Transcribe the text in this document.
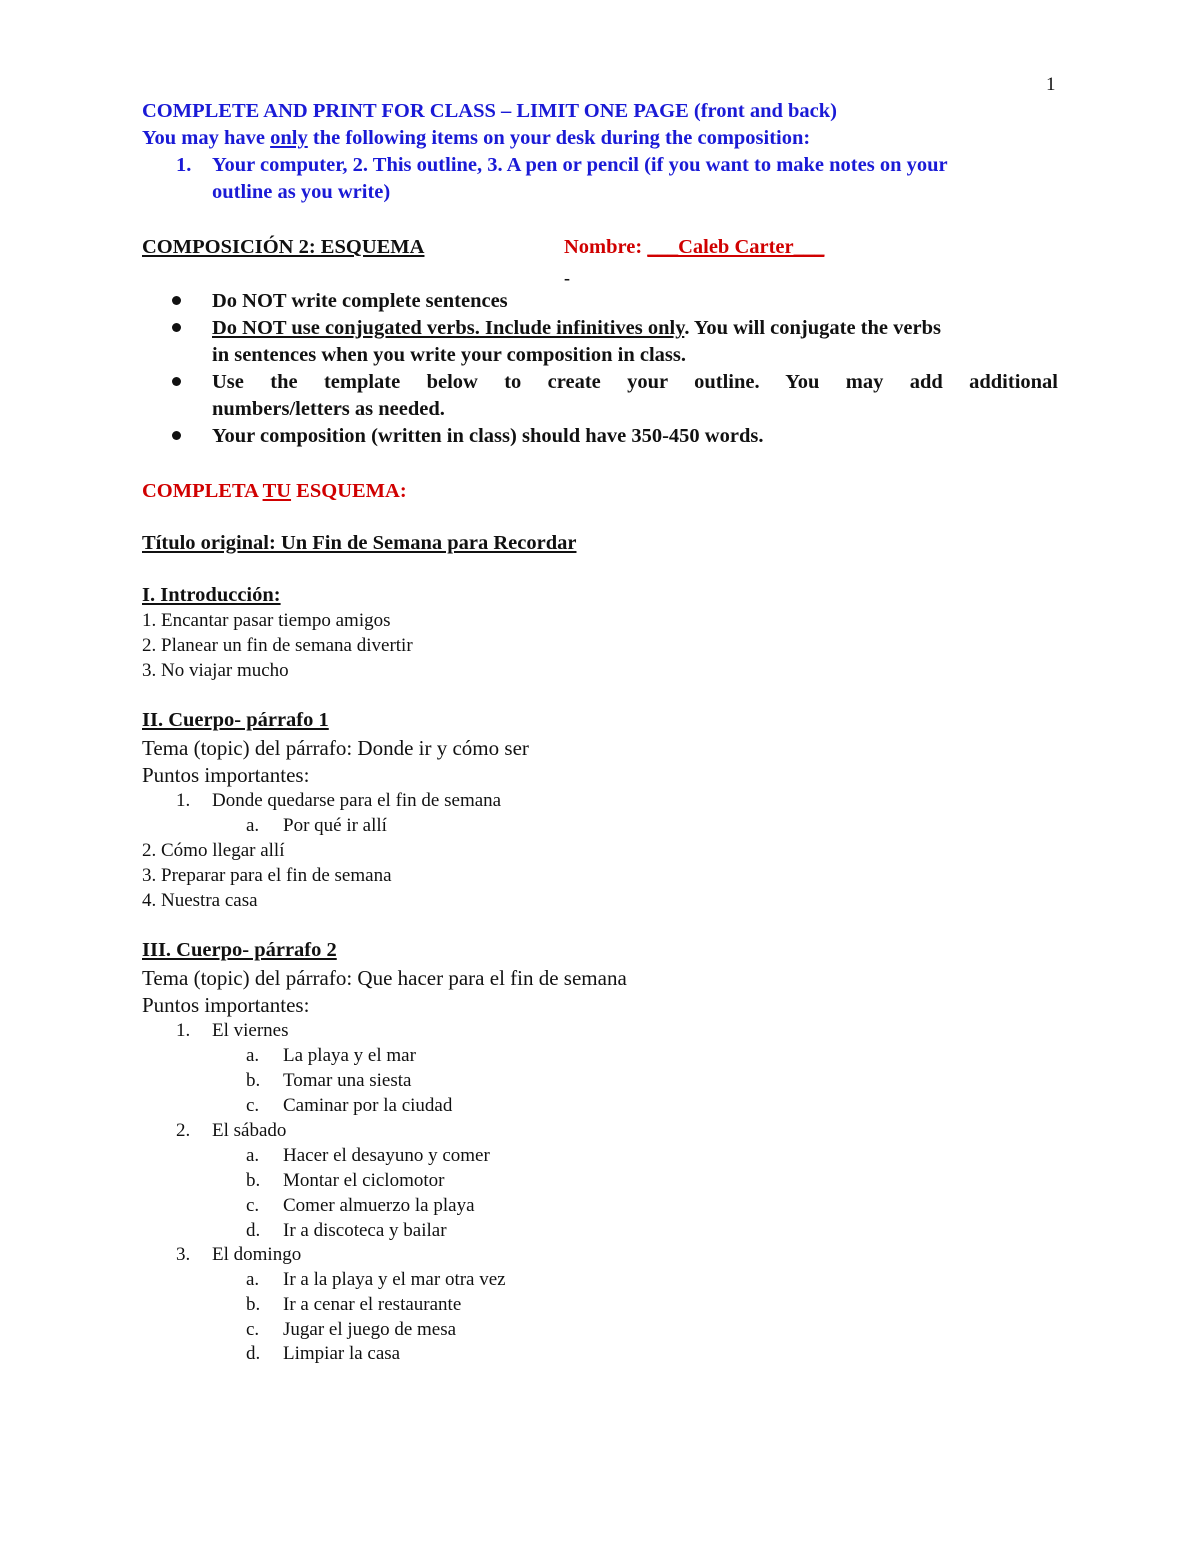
1
COMPLETE AND PRINT FOR CLASS – LIMIT ONE PAGE (front and back)
You may have only the following items on your desk during the composition:
1. Your computer, 2. This outline, 3. A pen or pencil (if you want to make notes on your
outline as you write)
COMPOSICIÓN 2: ESQUEMA	Nombre: ___Caleb Carter___
-
Do NOT write complete sentences
Do NOT use conjugated verbs. Include infinitives only. You will conjugate the verbs
in sentences when you write your composition in class.
Use the template below to create your outline. You may add additional
numbers/letters as needed.
Your composition (written in class) should have 350-450 words.
COMPLETA TU ESQUEMA:
Título original: Un Fin de Semana para Recordar
I. Introducción:
1. Encantar pasar tiempo amigos
2. Planear un fin de semana divertir
3. No viajar mucho
II. Cuerpo- párrafo 1
Tema (topic) del párrafo: Donde ir y cómo ser
Puntos importantes:
1. Donde quedarse para el fin de semana
a. Por qué ir allí
2. Cómo llegar allí
3. Preparar para el fin de semana
4. Nuestra casa
III. Cuerpo- párrafo 2
Tema (topic) del párrafo: Que hacer para el fin de semana
Puntos importantes:
1. El viernes
a. La playa y el mar
b. Tomar una siesta
c. Caminar por la ciudad
2. El sábado
a. Hacer el desayuno y comer
b. Montar el ciclomotor
c. Comer almuerzo la playa
d. Ir a discoteca y bailar
3. El domingo
a. Ir a la playa y el mar otra vez
b. Ir a cenar el restaurante
c. Jugar el juego de mesa
d. Limpiar la casa
